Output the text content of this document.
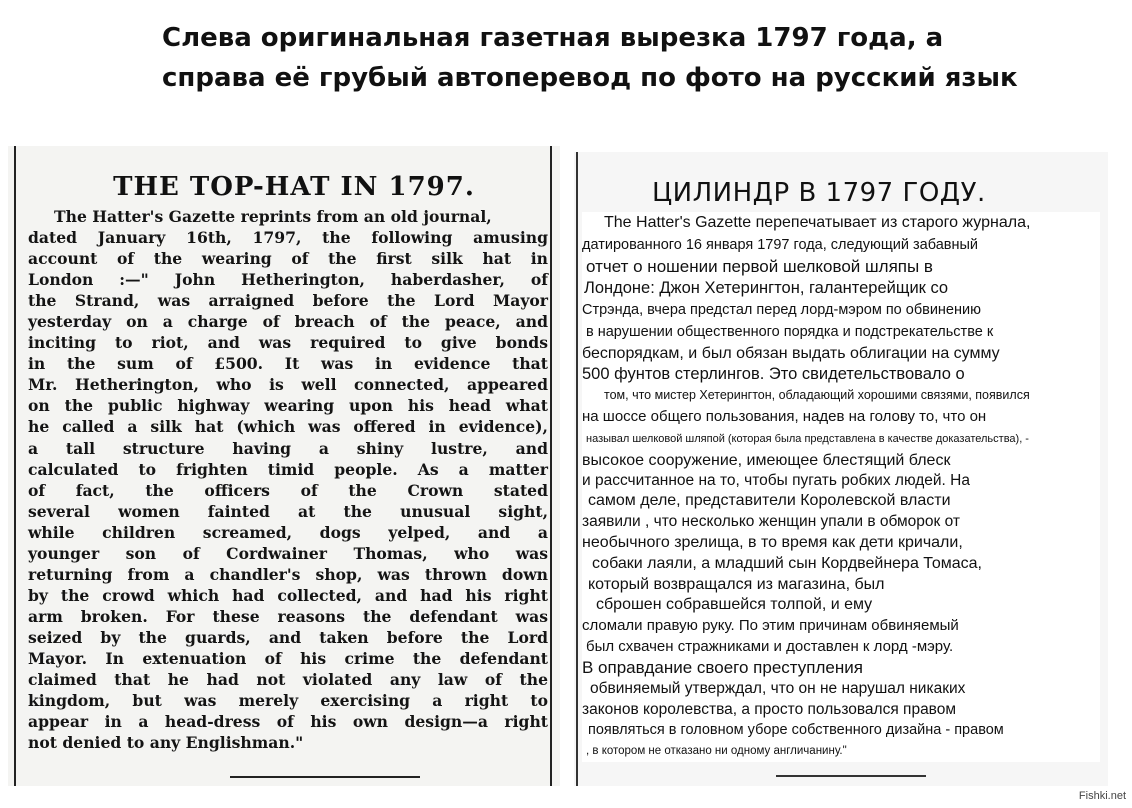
Слева оригинальная газетная вырезка 1797 года, а
справа её грубый автоперевод по фото на русский язык
THE TOP-HAT IN 1797.
The Hatter's Gazette reprints from an old journal,
dated January 16th, 1797, the following amusing
account of the wearing of the first silk hat in
London :—" John Hetherington, haberdasher, of
the Strand, was arraigned before the Lord Mayor
yesterday on a charge of breach of the peace, and
inciting to riot, and was required to give bonds
in the sum of £500. It was in evidence that
Mr. Hetherington, who is well connected, appeared
on the public highway wearing upon his head what
he called a silk hat (which was offered in evidence),
a tall structure having a shiny lustre, and
calculated to frighten timid people. As a matter
of fact, the officers of the Crown stated
several women fainted at the unusual sight,
while children screamed, dogs yelped, and a
younger son of Cordwainer Thomas, who was
returning from a chandler's shop, was thrown down
by the crowd which had collected, and had his right
arm broken. For these reasons the defendant was
seized by the guards, and taken before the Lord
Mayor. In extenuation of his crime the defendant
claimed that he had not violated any law of the
kingdom, but was merely exercising a right to
appear in a head-dress of his own design—a right
not denied to any Englishman."
ЦИЛИНДР В 1797 ГОДУ.
The Hatter's Gazette перепечатывает из старого журнала,
датированного 16 января 1797 года, следующий забавный
отчет о ношении первой шелковой шляпы в
Лондоне: Джон Хетерингтон, галантерейщик со
Стрэнда, вчера предстал перед лорд-мэром по обвинению
в нарушении общественного порядка и подстрекательстве к
беспорядкам, и был обязан выдать облигации на сумму
500 фунтов стерлингов. Это свидетельствовало о
том, что мистер Хетерингтон, обладающий хорошими связями, появился
на шоссе общего пользования, надев на голову то, что он
называл шелковой шляпой (которая была представлена в качестве доказательства), -
высокое сооружение, имеющее блестящий блеск
и рассчитанное на то, чтобы пугать робких людей. На
самом деле, представители Королевской власти
заявили , что несколько женщин упали в обморок от
необычного зрелища, в то время как дети кричали,
собаки лаяли, а младший сын Кордвейнера Томаса,
который возвращался из магазина, был
сброшен собравшейся толпой, и ему
сломали правую руку. По этим причинам обвиняемый
был схвачен стражниками и доставлен к лорд -мэру.
В оправдание своего преступления
обвиняемый утверждал, что он не нарушал никаких
законов королевства, а просто пользовался правом
появляться в головном уборе собственного дизайна - правом
, в котором не отказано ни одному англичанину."
Fishki.net
